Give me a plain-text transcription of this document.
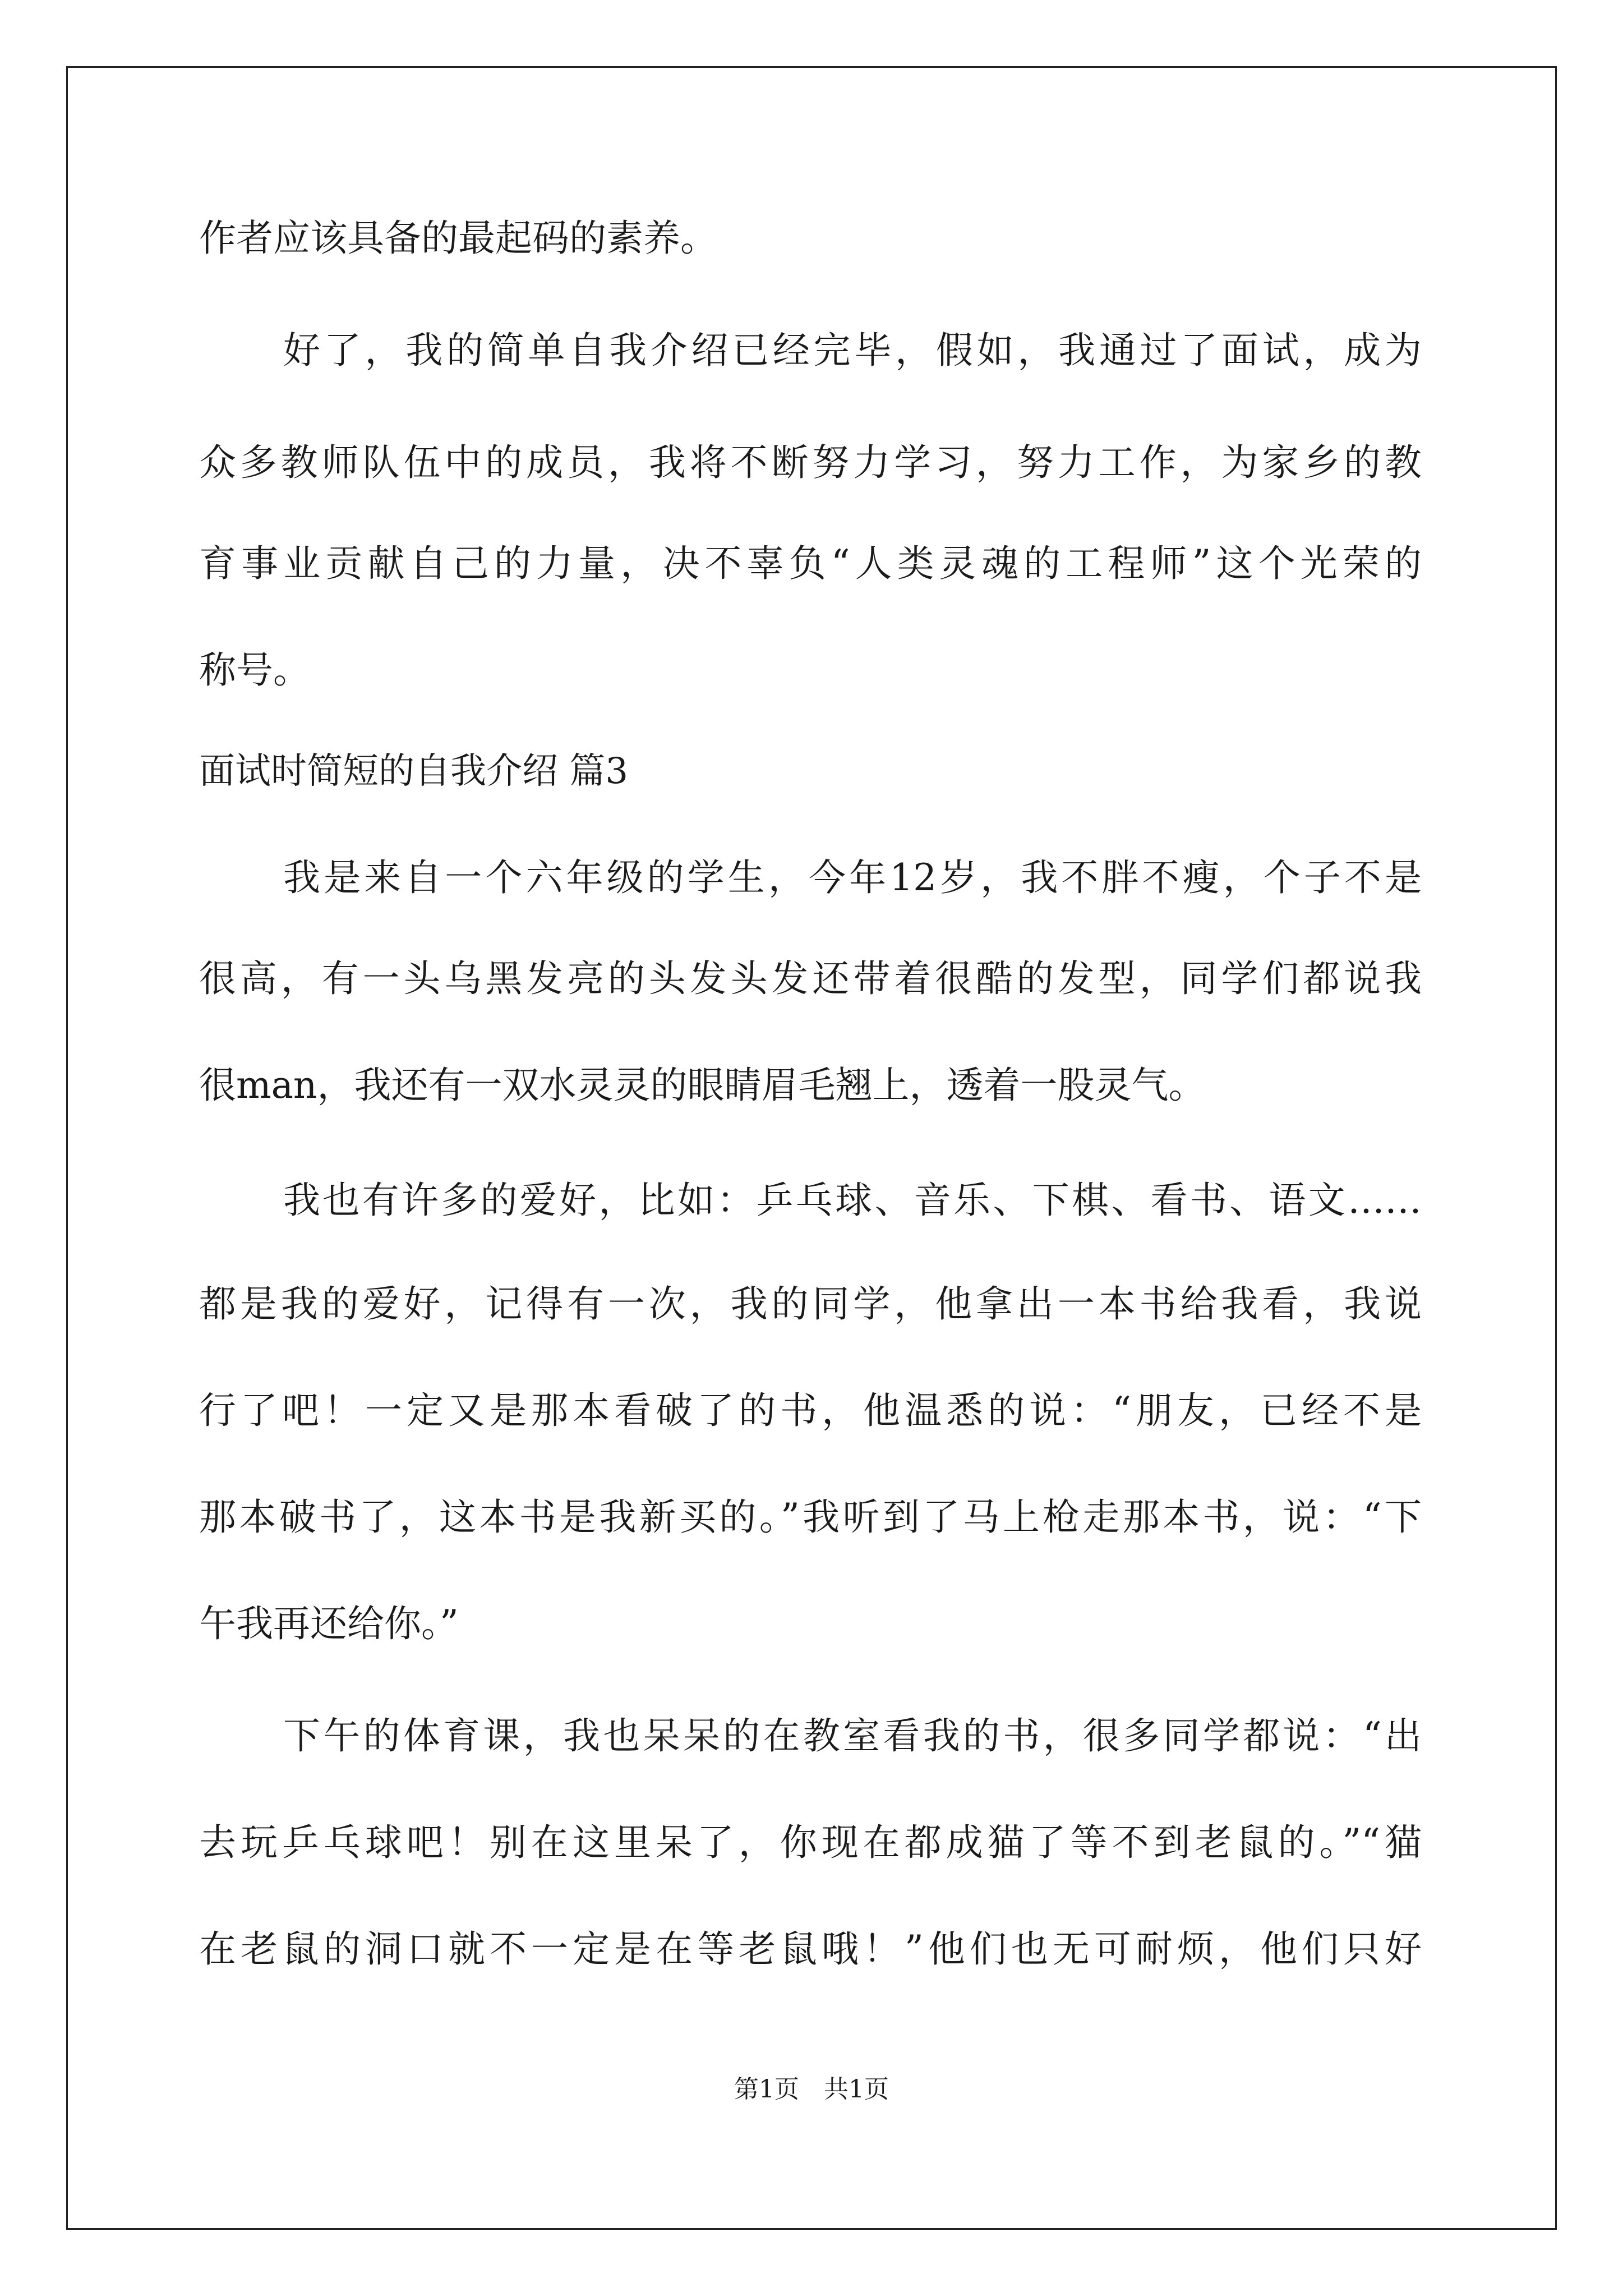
作者应该具备的最起码的素养。
好了，我的简单自我介绍已经完毕，假如，我通过了面试，成为
众多教师队伍中的成员，我将不断努力学习，努力工作，为家乡的教
育事业贡献自己的力量，决不辜负“人类灵魂的工程师”这个光荣的
称号。
面试时简短的自我介绍 篇3
我是来自一个六年级的学生，今年12岁，我不胖不瘦，个子不是
很高，有一头乌黑发亮的头发头发还带着很酷的发型，同学们都说我
很man，我还有一双水灵灵的眼睛眉毛翘上，透着一股灵气。
我也有许多的爱好，比如：乒乓球、音乐、下棋、看书、语文……
都是我的爱好，记得有一次，我的同学，他拿出一本书给我看，我说
行了吧！一定又是那本看破了的书，他温悉的说：“朋友，已经不是
那本破书了，这本书是我新买的。”我听到了马上枪走那本书，说：“下
午我再还给你。”
下午的体育课，我也呆呆的在教室看我的书，很多同学都说：“出
去玩乒乓球吧！别在这里呆了，你现在都成猫了等不到老鼠的。”“猫
在老鼠的洞口就不一定是在等老鼠哦！”他们也无可耐烦，他们只好
第1页　共1页
